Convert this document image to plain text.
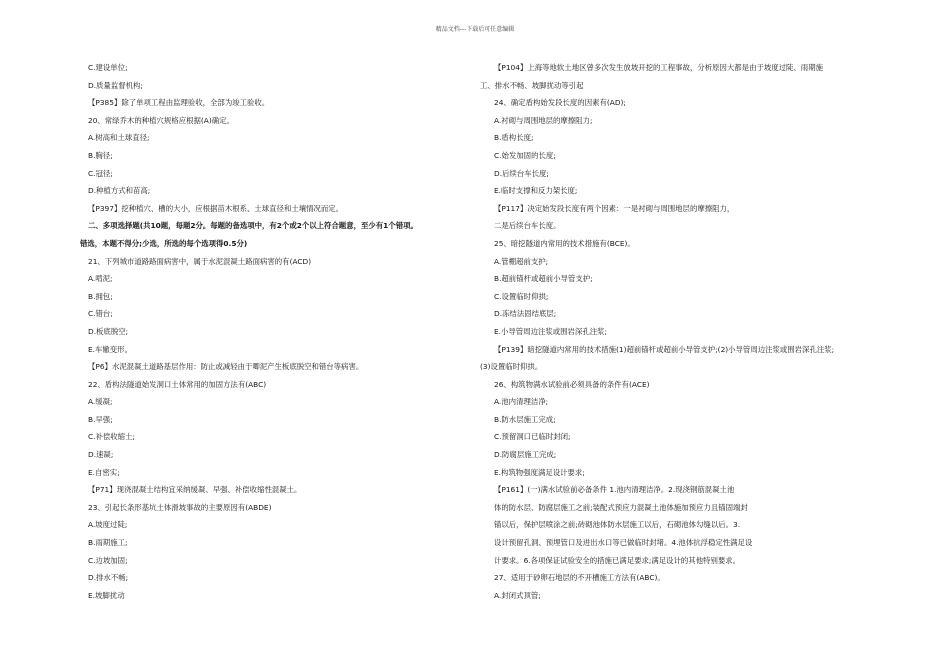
精品文档---下载后可任意编辑
C.建设单位;
D.质量监督机构;
【P385】除了单项工程由监理验收，全部为竣工验收。
20、常绿乔木的种植穴规格应根据(A)确定。
A.树高和土球直径;
B.胸径;
C.冠径;
D.种植方式和苗高;
【P397】挖种植穴、槽的大小，应根据苗木根系、土球直径和土壤情况而定。
二、多项选择题(共10题，每题2分。每题的备选项中，有2个或2个以上符合题意，至少有1个错项。
错选，本题不得分;少选，所选的每个选项得0.5分)
21、下列城市道路路面病害中，属于水泥混凝土路面病害的有(ACD)
A.啃泥;
B.拥包;
C.错台;
D.板底脱空;
E.车辙变形。
【P6】水泥混凝土道路基层作用：防止或减轻由于唧泥产生板底脱空和错台等病害。
22、盾构法隧道始发洞口土体常用的加固方法有(ABC)
A.缓凝;
B.早强;
C.补偿收缩土;
D.速凝;
E.自密实;
【P71】现浇混凝土结构宜采纳缓凝、早强、补偿收缩性混凝土。
23、引起长条形基坑土体滑坡事故的主要原因有(ABDE)
A.坡度过陡;
B.雨期施工;
C.边坡加固;
D.排水不畅;
E.坡脚扰动
【P104】上海等地软土地区曾多次发生放坡开挖的工程事故，分析原因大都是由于坡度过陡、雨期施
工、排水不畅、坡脚扰动等引起
24、确定盾构始发段长度的因素有(AD);
A.衬砌与周围地层的摩擦阻力;
B.盾构长度;
C.始发加固的长度;
D.后续台车长度;
E.临时支撑和反力架长度;
【P117】决定始发段长度有两个因素：一是衬砌与周围地层的摩擦阻力，
二是后续台车长度。
25、暗挖隧道内常用的技术措施有(BCE)。
A.管棚超前支护;
B.超前锚杆或超前小导管支护;
C.设置临时仰拱;
D.冻结法固结底层;
E.小导管周边注浆或围岩深孔注浆;
【P139】暗挖隧道内常用的技术措施(1)超前锚杆或超前小导管支护;(2)小导管周边注浆或围岩深孔注浆;
(3)设置临时仰拱。
26、构筑物满水试验前必须具备的条件有(ACE)
A.池内清理洁净;
B.防水层施工完成;
C.预留洞口已临时封闭;
D.防腐层施工完成;
E.构筑物强度满足设计要求;
【P161】(一)满水试验前必备条件 1.池内清理洁净。2.现浇钢筋混凝土池
体的防水层、防腐层施工之前;装配式预应力混凝土池体施加预应力且锚固端封
锚以后，保护层喷涂之前;砖砌池体防水层施工以后，石砌池体勾缝以后。3.
设计预留孔洞、预埋管口及进出水口等已做临时封堵。4.池体抗浮稳定性满足设
计要求。6.各项保证试验安全的措施已满足要求;满足设计的其他特别要求。
27、适用于砂卵石地层的不开槽施工方法有(ABC)。
A.封闭式顶管;
